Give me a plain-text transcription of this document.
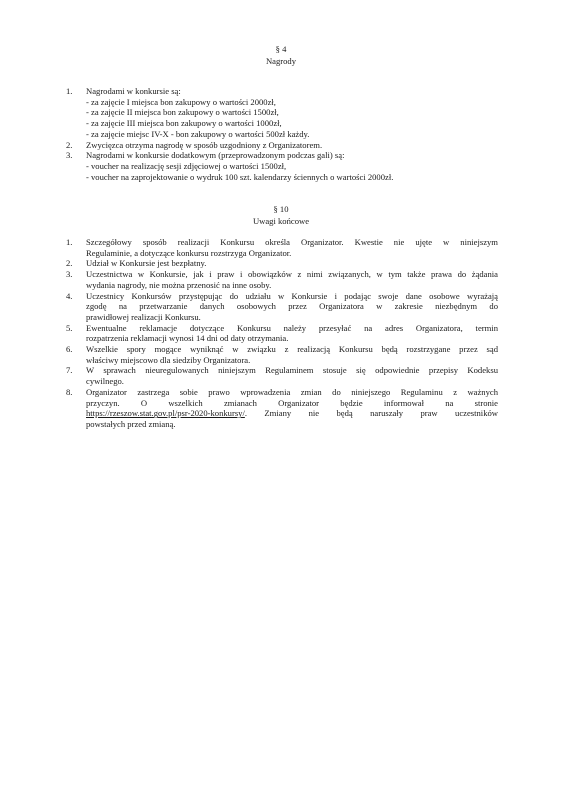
§ 4
Nagrody
1. Nagrodami w konkursie są:
- za zajęcie I miejsca bon zakupowy o wartości 2000zł,
- za zajęcie II miejsca bon zakupowy o wartości 1500zł,
- za zajęcie III miejsca bon zakupowy o wartości 1000zł,
- za zajęcie miejsc IV-X - bon zakupowy o wartości 500zł każdy.
2. Zwycięzca otrzyma nagrodę w sposób uzgodniony z Organizatorem.
3. Nagrodami w konkursie dodatkowym (przeprowadzonym podczas gali) są:
- voucher na realizację sesji zdjęciowej o wartości 1500zł,
- voucher na zaprojektowanie o wydruk 100 szt. kalendarzy ściennych o wartości 2000zł.
§ 10
Uwagi końcowe
1. Szczegółowy sposób realizacji Konkursu określa Organizator. Kwestie nie ujęte w niniejszym
Regulaminie, a dotyczące konkursu rozstrzyga Organizator.
2. Udział w Konkursie jest bezpłatny.
3. Uczestnictwa w Konkursie, jak i praw i obowiązków z nimi związanych, w tym także prawa do żądania
wydania nagrody, nie można przenosić na inne osoby.
4. Uczestnicy Konkursów przystępując do udziału w Konkursie i podając swoje dane osobowe wyrażają
zgodę na przetwarzanie danych osobowych przez Organizatora w zakresie niezbędnym do
prawidłowej realizacji Konkursu.
5. Ewentualne reklamacje dotyczące Konkursu należy przesyłać na adres Organizatora, termin
rozpatrzenia reklamacji wynosi 14 dni od daty otrzymania.
6. Wszelkie spory mogące wyniknąć w związku z realizacją Konkursu będą rozstrzygane przez sąd
właściwy miejscowo dla siedziby Organizatora.
7. W sprawach nieuregulowanych niniejszym Regulaminem stosuje się odpowiednie przepisy Kodeksu
cywilnego.
8. Organizator zastrzega sobie prawo wprowadzenia zmian do niniejszego Regulaminu z ważnych
przyczyn. O wszelkich zmianach Organizator będzie informował na stronie
https://rzeszow.stat.gov.pl/psr-2020-konkursy/. Zmiany nie będą naruszały praw uczestników
powstałych przed zmianą.
